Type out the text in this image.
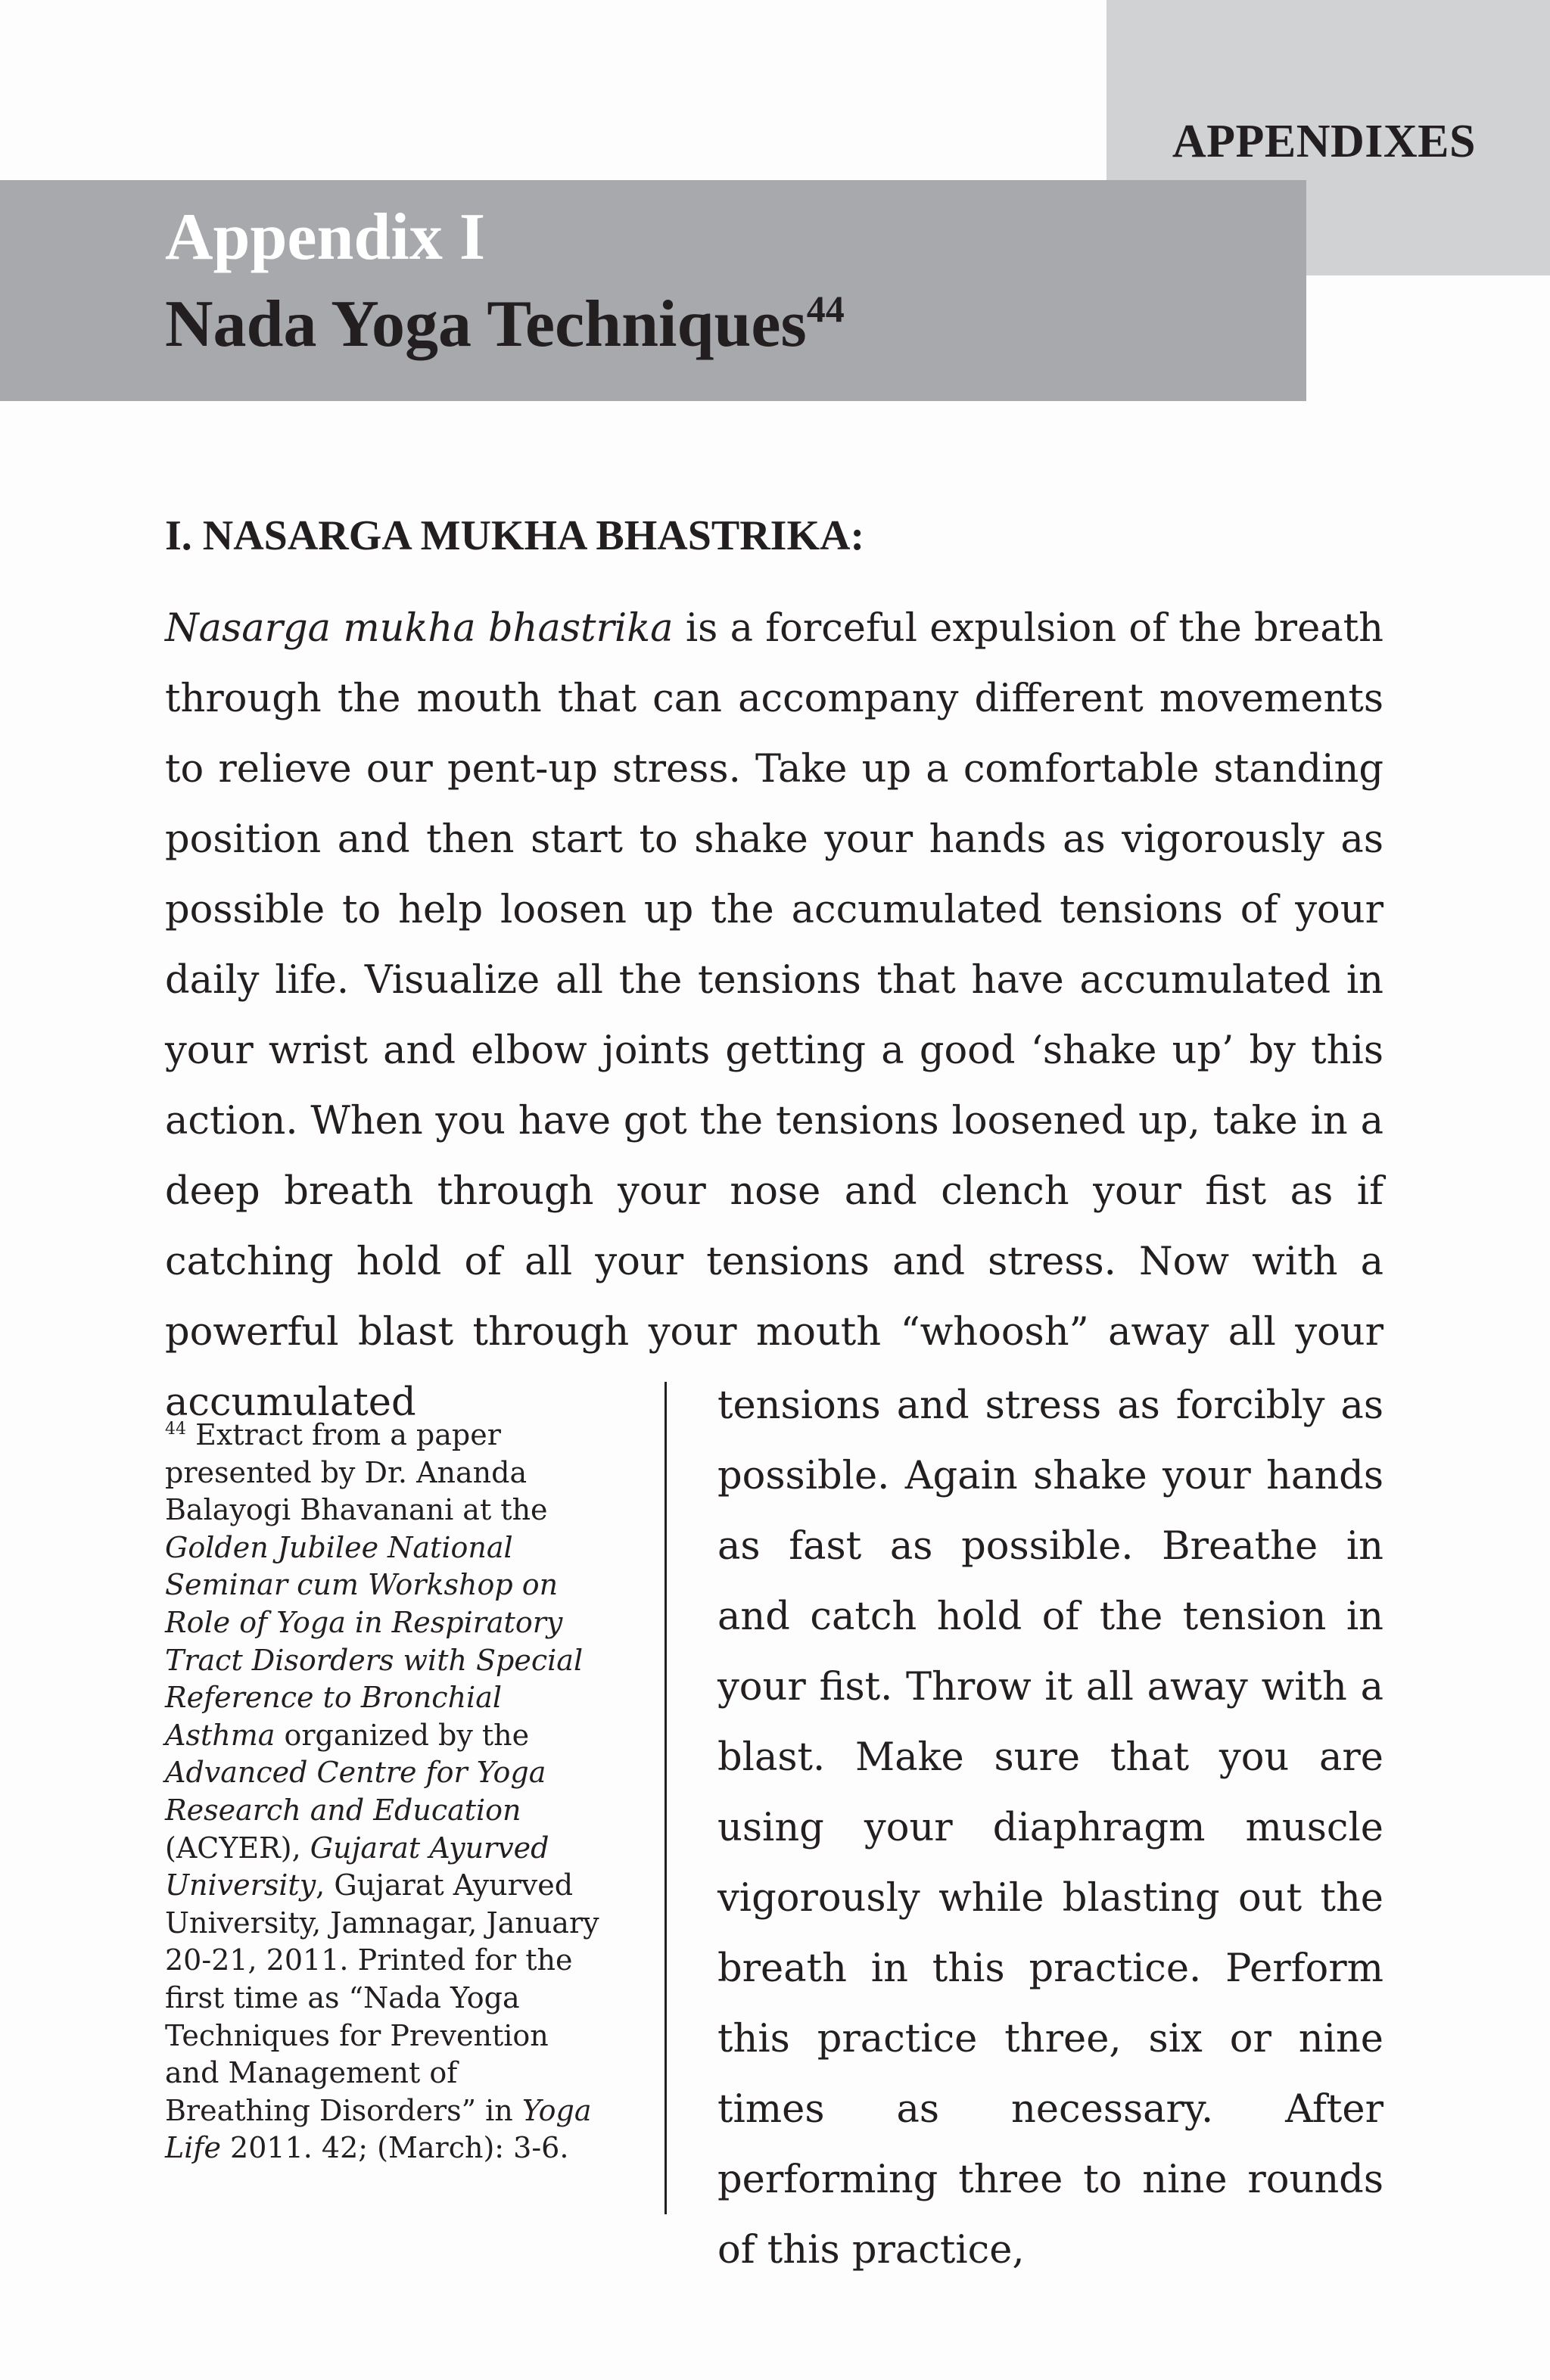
APPENDIXES
Appendix I
Nada Yoga Techniques$^{44}$
I. NASARGA MUKHA BHASTRIKA:

Nasarga mukha bhastrika is a forceful expulsion of the breath through the mouth that can accompany different movements to relieve our pent-up stress. Take up a comfortable standing position and then start to shake your hands as vigorously as possible to help loosen up the accumulated tensions of your daily life. Visualize all the tensions that have accumulated in your wrist and elbow joints getting a good ‘shake up’ by this action. When you have got the tensions loosened up, take in a deep breath through your nose and clench your fist as if catching hold of all your tensions and stress. Now with a powerful blast through your mouth “whoosh” away all your accumulated

$^{44}$ Extract from a paper presented by Dr. Ananda Balayogi Bhavanani at the Golden Jubilee National Seminar cum Workshop on Role of Yoga in Respiratory Tract Disorders with Special Reference to Bronchial Asthma organized by the Advanced Centre for Yoga Research and Education (ACYER), Gujarat Ayurved University, Gujarat Ayurved University, Jamnagar, January 20-21, 2011. Printed for the first time as “Nada Yoga Techniques for Prevention and Management of Breathing Disorders” in Yoga Life 2011. 42; (March): 3-6.

tensions and stress as forcibly as possible. Again shake your hands as fast as possible. Breathe in and catch hold of the tension in your fist. Throw it all away with a blast. Make sure that you are using your diaphragm muscle vigorously while blasting out the breath in this practice. Perform this practice three, six or nine times as necessary. After performing three to nine rounds of this practice,
